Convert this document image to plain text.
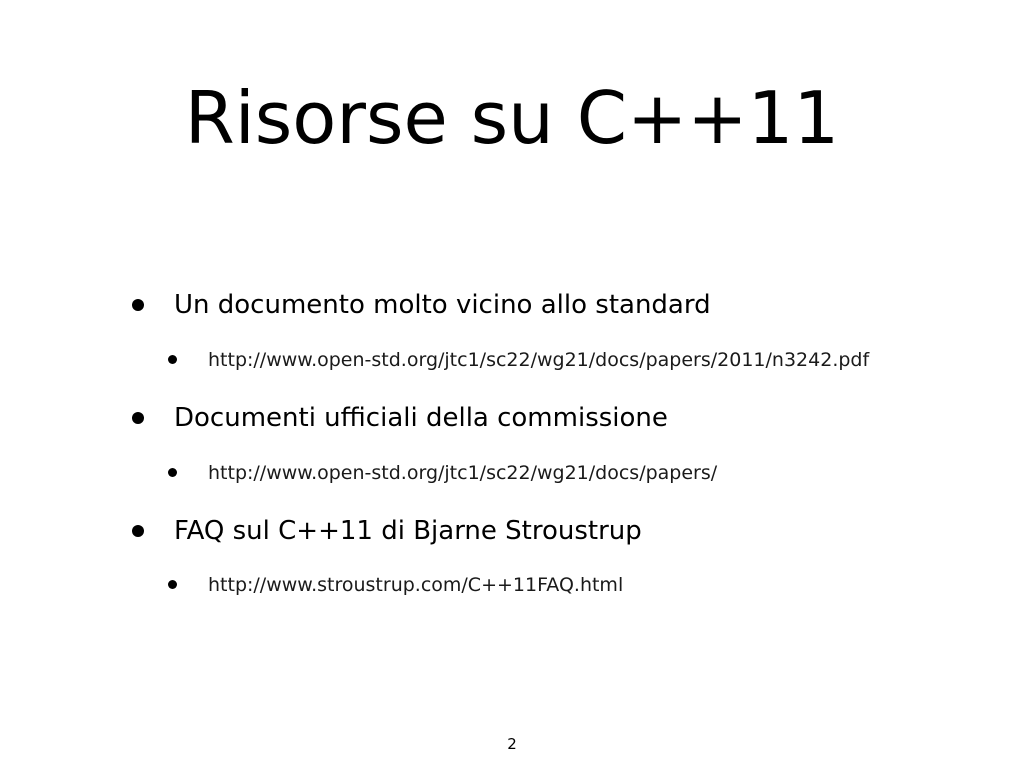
Risorse su C++11
Un documento molto vicino allo standard
http://www.open-std.org/jtc1/sc22/wg21/docs/papers/2011/n3242.pdf
Documenti ufficiali della commissione
http://www.open-std.org/jtc1/sc22/wg21/docs/papers/
FAQ sul C++11 di Bjarne Stroustrup
http://www.stroustrup.com/C++11FAQ.html
2
